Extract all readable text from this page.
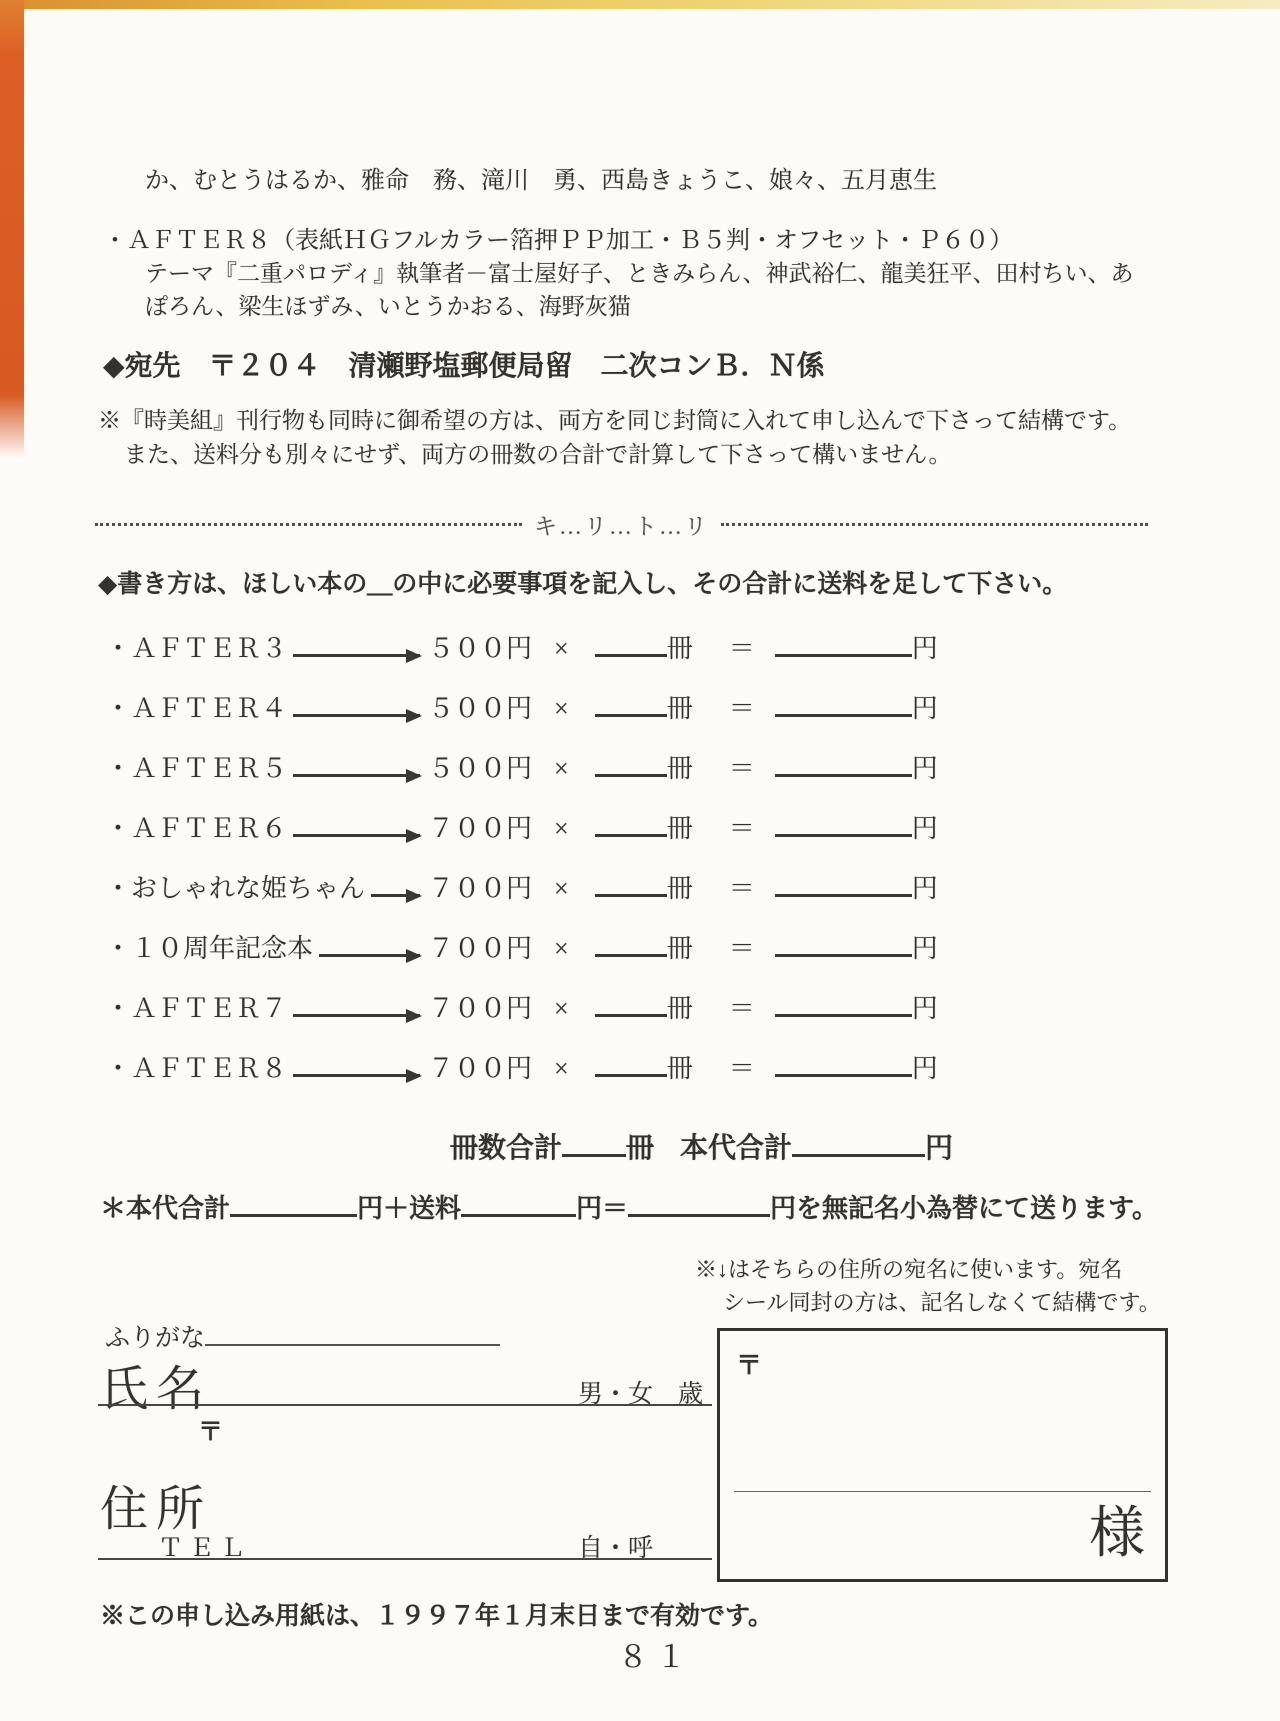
か、むとうはるか、雅命　務、滝川　勇、西島きょうこ、娘々、五月恵生
・ＡＦＴＥＲ８（表紙ＨＧフルカラー箔押ＰＰ加工・Ｂ５判・オフセット・Ｐ６０）
テーマ『二重パロディ』執筆者－富士屋好子、ときみらん、神武裕仁、龍美狂平、田村ちい、あ
ぽろん、梁生ほずみ、いとうかおる、海野灰猫
◆宛先　〒２０４　清瀬野塩郵便局留　二次コンＢ．Ｎ係
※『時美組』刊行物も同時に御希望の方は、両方を同じ封筒に入れて申し込んで下さって結構です。
また、送料分も別々にせず、両方の冊数の合計で計算して下さって構いません。
キ…リ…ト…リ
◆書き方は、ほしい本の＿の中に必要事項を記入し、その合計に送料を足して下さい。
・ＡＦＴＥＲ３	５００円 ×	冊 ＝	円
・ＡＦＴＥＲ４	５００円 ×	冊 ＝	円
・ＡＦＴＥＲ５	５００円 ×	冊 ＝	円
・ＡＦＴＥＲ６	７００円 ×	冊 ＝	円
・おしゃれな姫ちゃん ７００円 ×	冊 ＝	円
・１０周年記念本	７００円 ×	冊 ＝	円
・ＡＦＴＥＲ７	７００円 ×	冊 ＝	円
・ＡＦＴＥＲ８	７００円 ×	冊 ＝	円
冊数合計 冊 本代合計	円
＊本代合計	円＋送料	円＝	円を無記名小為替にて送ります。
※↓はそちらの住所の宛名に使います。宛名
シール同封の方は、記名しなくて結構です。
ふりがな
氏名	男・女　歳
〒
住所
ＴＥＬ	自・呼
〒
様
※この申し込み用紙は、１９９７年１月末日まで有効です。
８１
